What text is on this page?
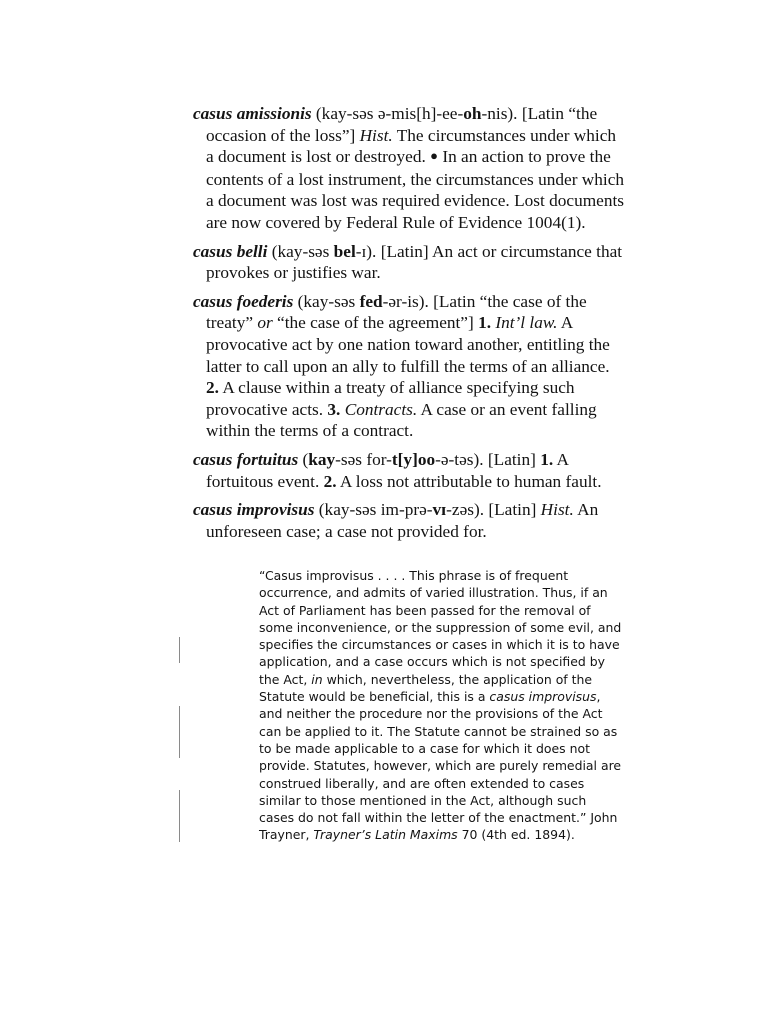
casus amissionis (kay-səs ə-mis[h]-ee-oh-nis). [Latin “the occasion of the loss”] Hist. The circumstances under which a document is lost or destroyed. ● In an action to prove the contents of a lost instrument, the circumstances under which a document was lost was required evidence. Lost documents are now covered by Federal Rule of Evidence 1004(1).

casus belli (kay-səs bel-ɪ). [Latin] An act or circumstance that provokes or justifies war.

casus foederis (kay-səs fed-ər-is). [Latin “the case of the treaty” or “the case of the agreement”] 1. Int’l law. A provocative act by one nation toward another, entitling the latter to call upon an ally to fulfill the terms of an alliance. 2. A clause within a treaty of alliance specifying such provocative acts. 3. Contracts. A case or an event falling within the terms of a contract.

casus fortuitus (kay-səs for-t[y]oo-ə-təs). [Latin] 1. A fortuitous event. 2. A loss not attributable to human fault.

casus improvisus (kay-səs im-prə-vɪ-zəs). [Latin] Hist. An unforeseen case; a case not provided for.

“Casus improvisus . . . . This phrase is of frequent occurrence, and admits of varied illustration. Thus, if an Act of Parliament has been passed for the removal of some inconvenience, or the suppression of some evil, and specifies the circumstances or cases in which it is to have application, and a case occurs which is not specified by the Act, in which, nevertheless, the application of the Statute would be beneficial, this is a casus improvisus, and neither the procedure nor the provisions of the Act can be applied to it. The Statute cannot be strained so as to be made applicable to a case for which it does not provide. Statutes, however, which are purely remedial are construed liberally, and are often extended to cases similar to those mentioned in the Act, although such cases do not fall within the letter of the enactment.” John Trayner, Trayner’s Latin Maxims 70 (4th ed. 1894).
